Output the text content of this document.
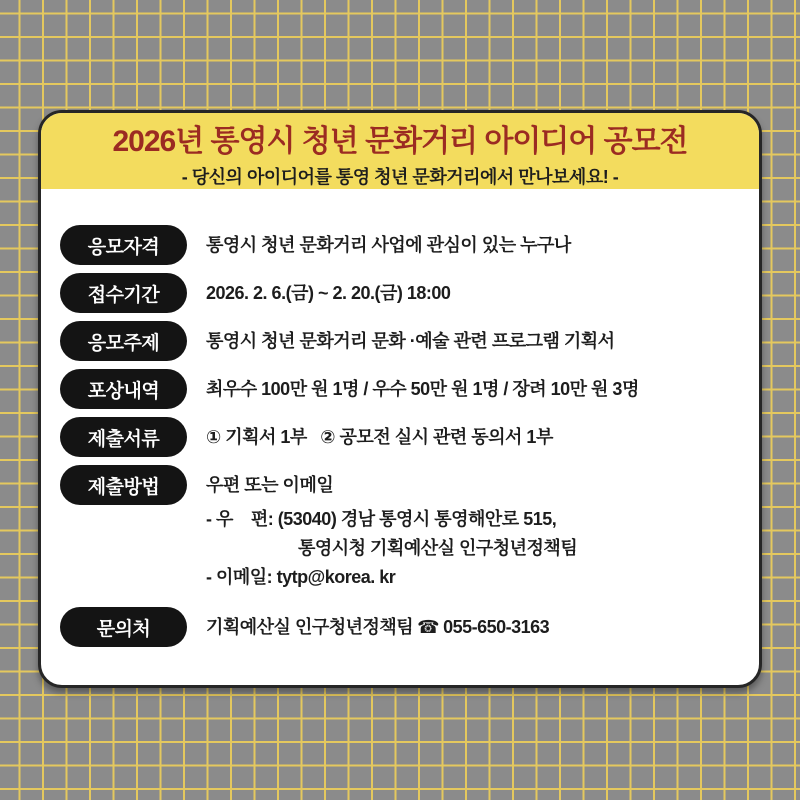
2026년 통영시 청년 문화거리 아이디어 공모전
- 당신의 아이디어를 통영 청년 문화거리에서 만나보세요! -
응모자격	통영시 청년 문화거리 사업에 관심이 있는 누구나
접수기간	2026. 2. 6.(금) ~ 2. 20.(금) 18:00
응모주제	통영시 청년 문화거리 문화 ·예술 관련 프로그램 기획서
포상내역	최우수 100만 원 1명 / 우수 50만 원 1명 / 장려 10만 원 3명
제출서류	① 기획서 1부   ② 공모전 실시 관련 동의서 1부
제출방법	우편 또는 이메일
- 우    편: (53040) 경남 통영시 통영해안로 515,
통영시청 기획예산실 인구청년정책팀
- 이메일: tytp@korea. kr
문의처	기획예산실 인구청년정책팀 ☎ 055-650-3163
